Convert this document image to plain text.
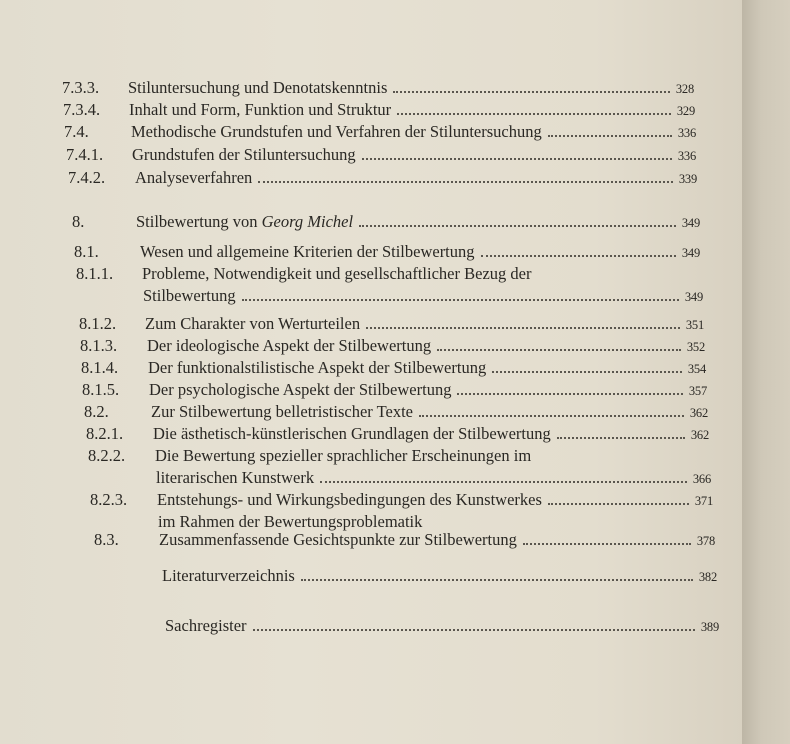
7.3.3. Stiluntersuchung und Denotatskenntnis	328
7.3.4. Inhalt und Form, Funktion und Struktur	329
7.4.	Methodische Grundstufen und Verfahren der Stiluntersuchung	336
7.4.1. Grundstufen der Stiluntersuchung	336
7.4.2. Analyseverfahren	339
8.	Stilbewertung von Georg Michel	349
8.1.	Wesen und allgemeine Kriterien der Stilbewertung	349
8.1.1. Probleme, Notwendigkeit und gesellschaftlicher Bezug der
Stilbewertung	349
8.1.2. Zum Charakter von Werturteilen	351
8.1.3. Der ideologische Aspekt der Stilbewertung	352
8.1.4. Der funktionalstilistische Aspekt der Stilbewertung	354
8.1.5. Der psychologische Aspekt der Stilbewertung	357
8.2.	Zur Stilbewertung belletristischer Texte	362
8.2.1. Die ästhetisch-künstlerischen Grundlagen der Stilbewertung	362
8.2.2. Die Bewertung spezieller sprachlicher Erscheinungen im
literarischen Kunstwerk	366
8.2.3. Entstehungs- und Wirkungsbedingungen des Kunstwerkes	371
im Rahmen der Bewertungsproblematik
8.3. Zusammenfassende Gesichtspunkte zur Stilbewertung	378
Literaturverzeichnis	382
Sachregister	389
